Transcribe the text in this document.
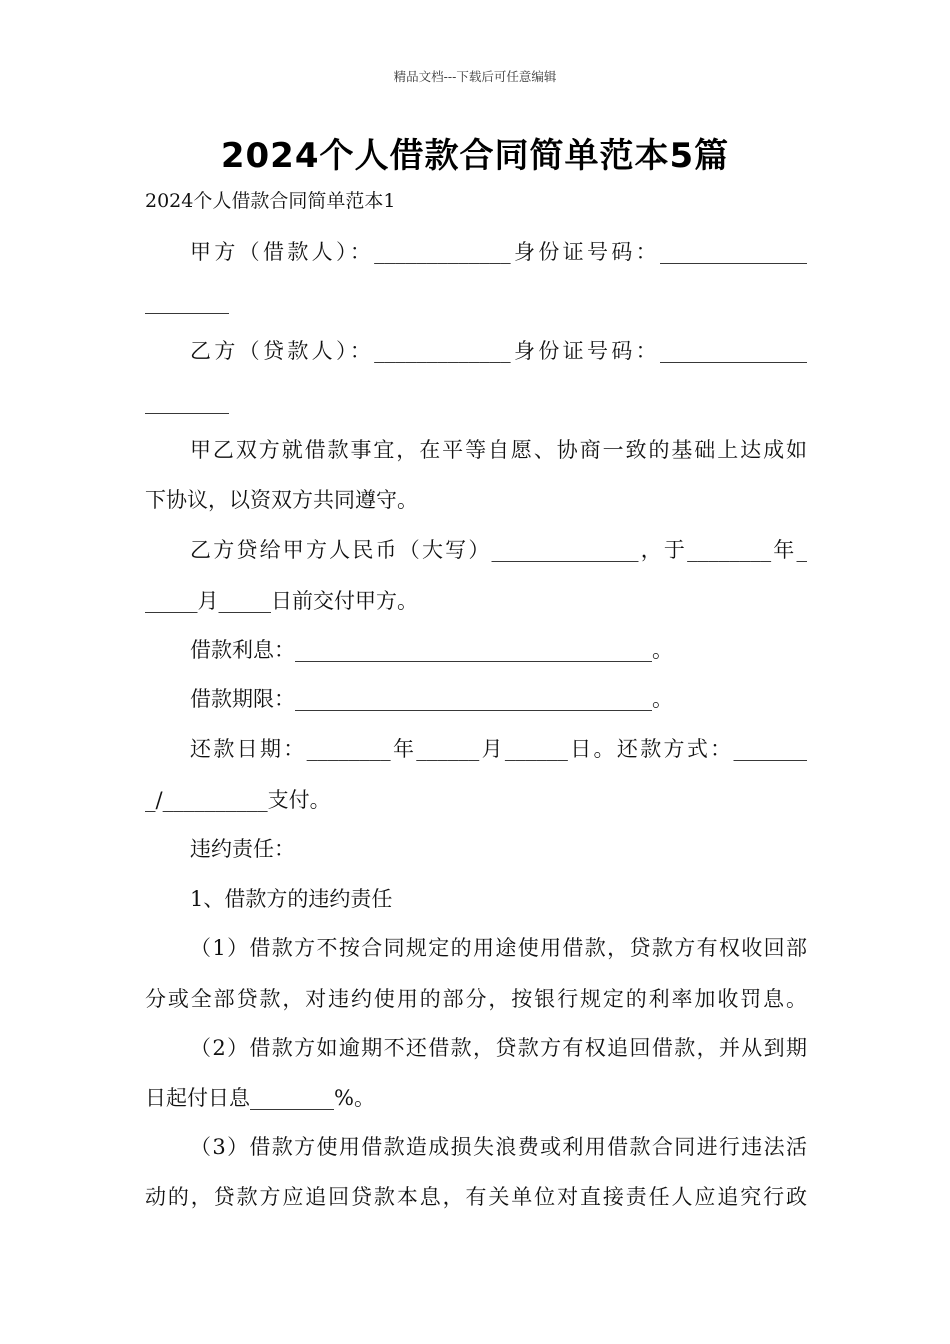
精品文档---下载后可任意编辑
2024个人借款合同简单范本5篇
2024个人借款合同简单范本1
甲方（借款人）：_____________身份证号码：______________
________
乙方（贷款人）：_____________身份证号码：______________
________
甲乙双方就借款事宜，在平等自愿、协商一致的基础上达成如
下协议，以资双方共同遵守。
乙方贷给甲方人民币（大写）______________，于________年_
_____月_____日前交付甲方。
借款利息：__________________________________。
借款期限：__________________________________。
还款日期：________年______月______日。还款方式：_______
_/__________支付。
违约责任：
1、借款方的违约责任
（1）借款方不按合同规定的用途使用借款，贷款方有权收回部
分或全部贷款，对违约使用的部分，按银行规定的利率加收罚息。
（2）借款方如逾期不还借款，贷款方有权追回借款，并从到期
日起付日息________%。
（3）借款方使用借款造成损失浪费或利用借款合同进行违法活
动的，贷款方应追回贷款本息，有关单位对直接责任人应追究行政
